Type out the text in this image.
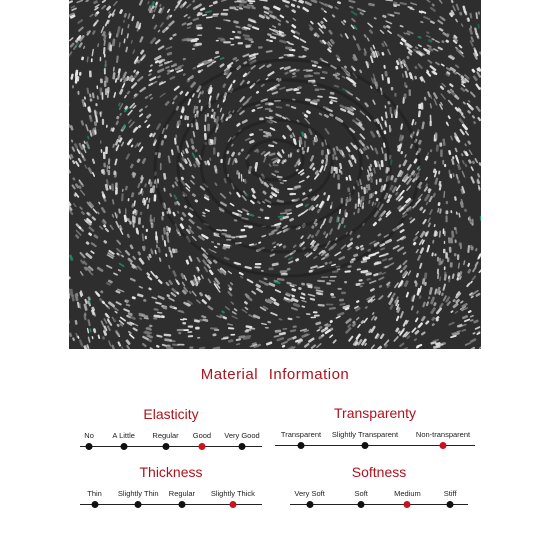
Material Information
Elasticity
No A Little Regular Good Very Good
Transparenty
Transparent Slightly Transparent Non-transparent
Thickness
Thin Slightly Thin Regular Slightly Thick
Softness
Very Soft	Soft	Medium	Stiff
